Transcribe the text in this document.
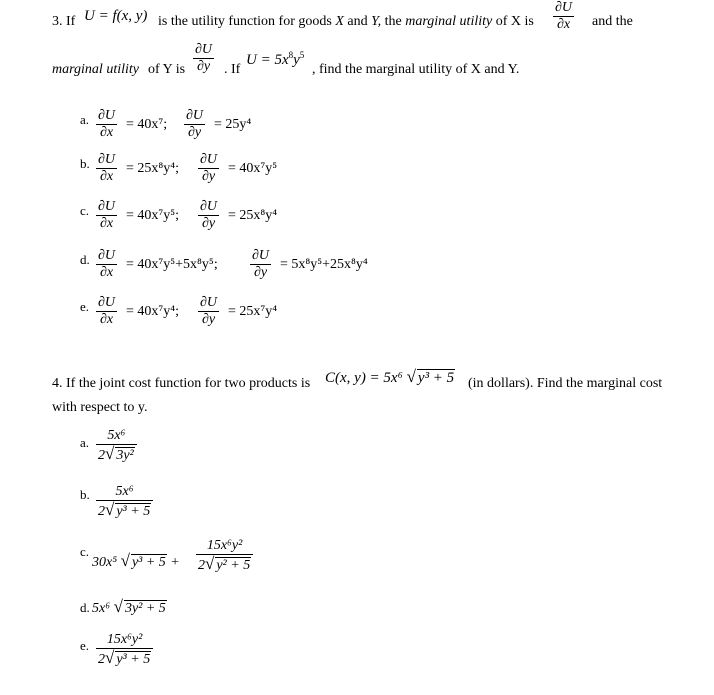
3. If U = f(x, y) is the utility function for goods X and Y, the marginal utility of X is $\frac{\partial U}{\partial x}$ and the
marginal utility of Y is $\frac{\partial U}{\partial y}$ . If
$U = 5x^8y^5$
, find the marginal utility of X and Y.
a. $\frac{\partial U}{\partial x} = 40x^7$; $\frac{\partial U}{\partial y} = 25y^4$
b. $\frac{\partial U}{\partial x} = 25x^8y^4$; $\frac{\partial U}{\partial y} = 40x^7y^5$
c. $\frac{\partial U}{\partial x} = 40x^7y^5$; $\frac{\partial U}{\partial y} = 25x^8y^4$
d. $\frac{\partial U}{\partial x} = 40x^7y^5+5x^8y^5$; $\frac{\partial U}{\partial y} = 5x^8y^5+25x^8y^4$
e. $\frac{\partial U}{\partial x} = 40x^7y^4$; $\frac{\partial U}{\partial y} = 25x^7y^4$
4. If the joint cost function for two products is C(x, y) = 5x⁶ √ y³ + 5 (in dollars). Find the marginal cost
with respect to y.
a. $\frac{\text{5x⁶}}{\text{2√ 3y²}}$
b. $\frac{\text{5x⁶}}{\text{2√ y³ + 5}}$
c.
30x⁵ √ $y^3 + 5 + \frac{\text{15x⁶y²}}{\text{2√ y² + 5}}$
d. 5x⁶ √ 3y² + 5
e. $\frac{\text{15x⁶y²}}{\text{2√ y³ + 5}}$
